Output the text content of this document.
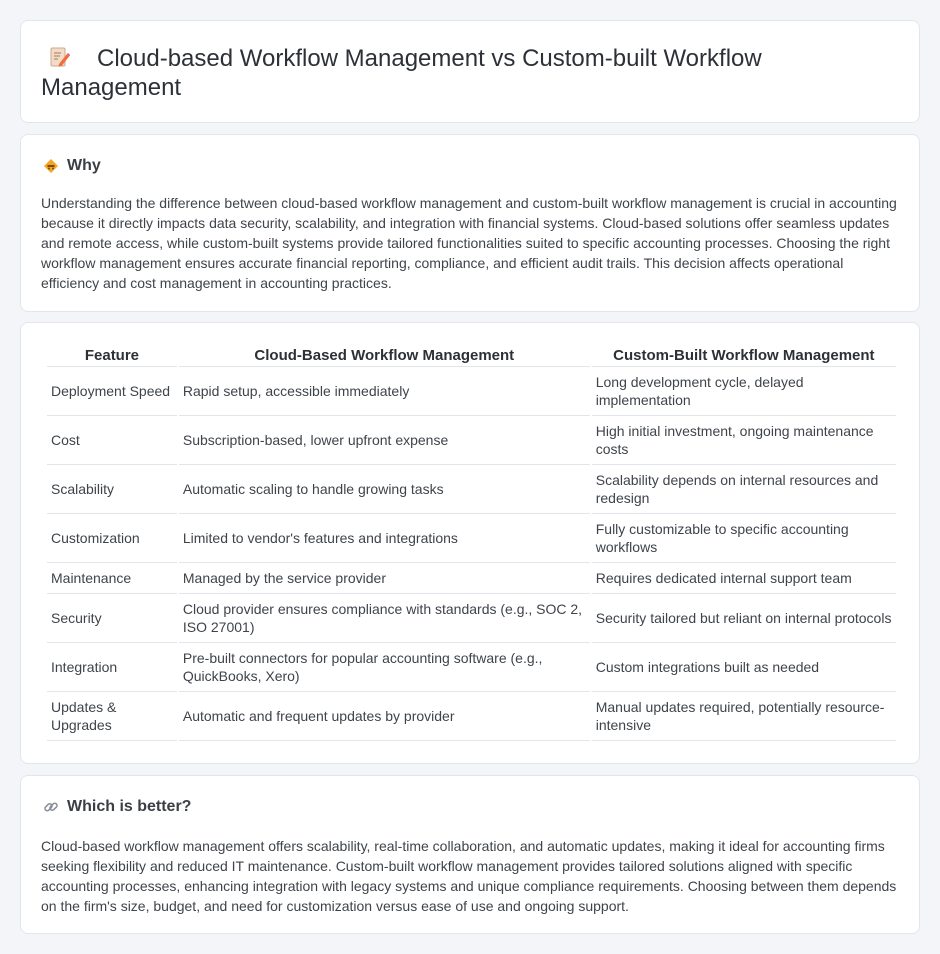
Cloud-based Workflow Management vs Custom-built Workflow Management
Why

Understanding the difference between cloud-based workflow management and custom-built workflow management is crucial in accounting because it directly impacts data security, scalability, and integration with financial systems. Cloud-based solutions offer seamless updates and remote access, while custom-built systems provide tailored functionalities suited to specific accounting processes. Choosing the right workflow management ensures accurate financial reporting, compliance, and efficient audit trails. This decision affects operational efficiency and cost management in accounting practices.

Feature	Cloud-Based Workflow Management	Custom-Built Workflow Management
Deployment Speed	Rapid setup, accessible immediately	Long development cycle, delayed implementation
Cost	Subscription-based, lower upfront expense	High initial investment, ongoing maintenance costs
Scalability	Automatic scaling to handle growing tasks	Scalability depends on internal resources and redesign
Customization	Limited to vendor's features and integrations	Fully customizable to specific accounting workflows
Maintenance	Managed by the service provider	Requires dedicated internal support team
Security	Cloud provider ensures compliance with standards (e.g., SOC 2, ISO 27001)	Security tailored but reliant on internal protocols
Integration	Pre-built connectors for popular accounting software (e.g., QuickBooks, Xero)	Custom integrations built as needed
Updates & Upgrades	Automatic and frequent updates by provider	Manual updates required, potentially resource-intensive
Which is better?

Cloud-based workflow management offers scalability, real-time collaboration, and automatic updates, making it ideal for accounting firms seeking flexibility and reduced IT maintenance. Custom-built workflow management provides tailored solutions aligned with specific accounting processes, enhancing integration with legacy systems and unique compliance requirements. Choosing between them depends on the firm's size, budget, and need for customization versus ease of use and ongoing support.
